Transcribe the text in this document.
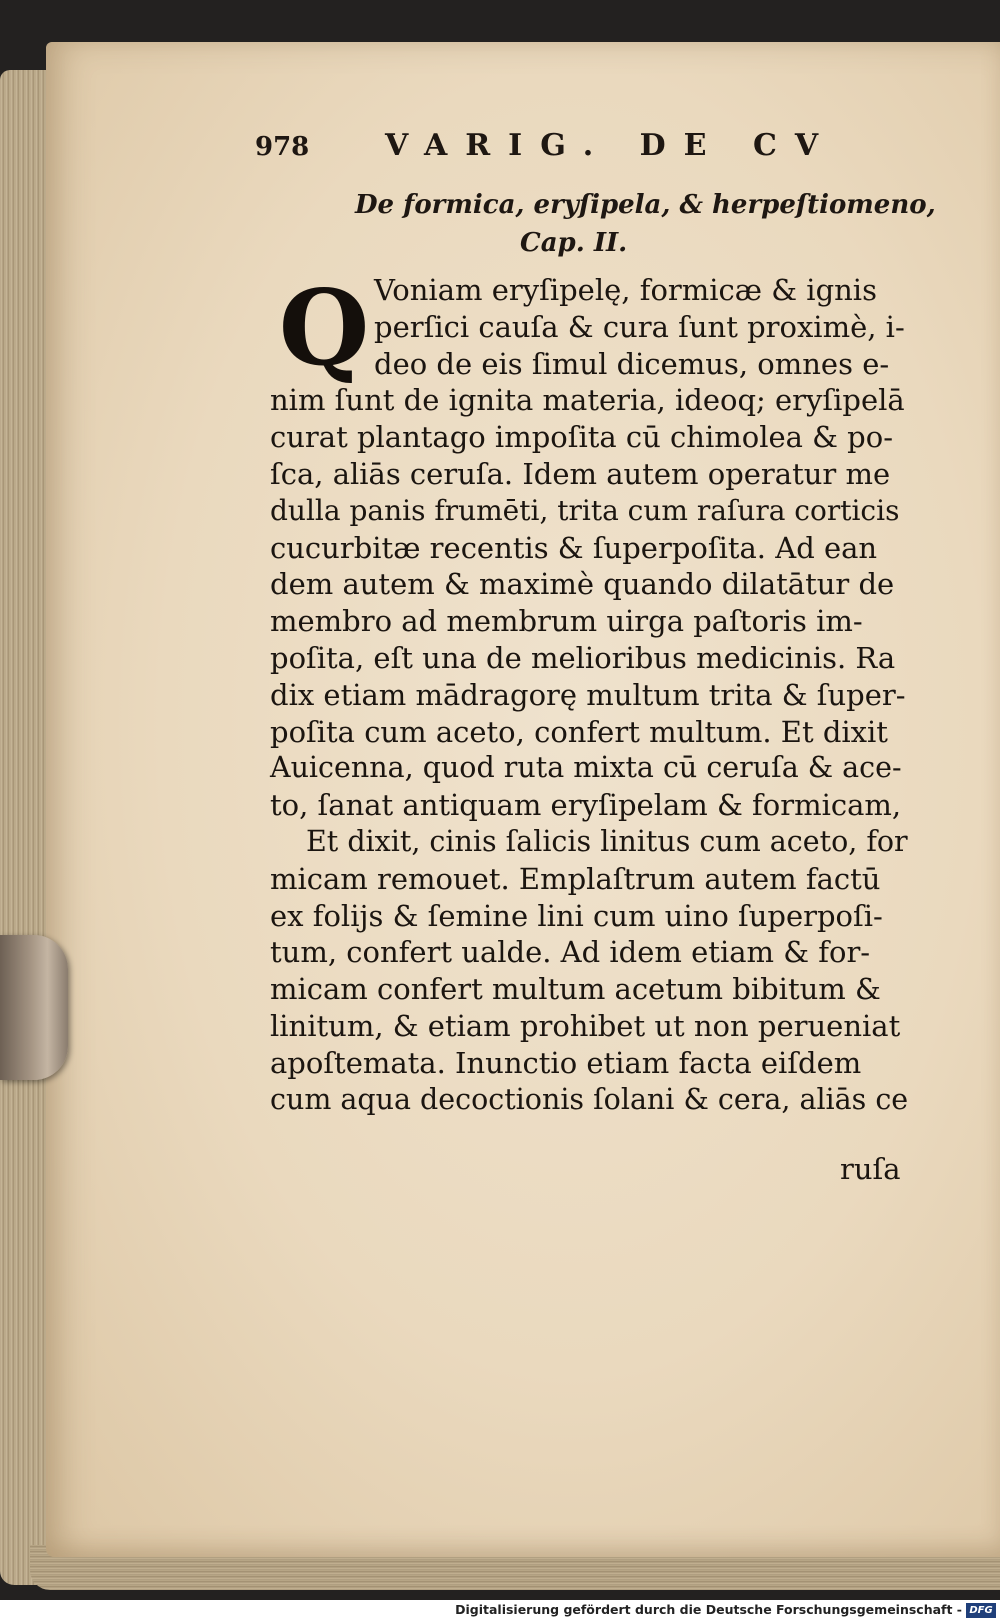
978	VARIG. DE CV
De formica, eryſipela, & herpeſtiomeno,
Cap. II.
Q Voniam eryſipelę, formicæ & ignis
perſici cauſa & cura ſunt proximè, i-
deo de eis ſimul dicemus, omnes e-
nim ſunt de ignita materia, ideoq; eryſipelā
curat plantago impoſita cū chimolea & po-
ſca, aliās ceruſa. Idem autem operatur me
dulla panis frumēti, trita cum raſura corticis
cucurbitæ recentis & ſuperpoſita. Ad ean
dem autem & maximè quando dilatātur de
membro ad membrum uirga paſtoris im-
poſita, eſt una de melioribus medicinis. Ra
dix etiam mādragorę multum trita & ſuper-
poſita cum aceto, confert multum. Et dixit
Auicenna, quod ruta mixta cū ceruſa & ace-
to, ſanat antiquam eryſipelam & formicam,
Et dixit, cinis ſalicis linitus cum aceto, for
micam remouet. Emplaſtrum autem factū
ex folijs & ſemine lini cum uino ſuperpoſi-
tum, confert ualde. Ad idem etiam & for-
micam confert multum acetum bibitum &
linitum, & etiam prohibet ut non perueniat
apoſtemata. Inunctio etiam facta eiſdem
cum aqua decoctionis ſolani & cera, aliās ce
ruſa
Digitalisierung gefördert durch die Deutsche Forschungsgemeinschaft - DFG
